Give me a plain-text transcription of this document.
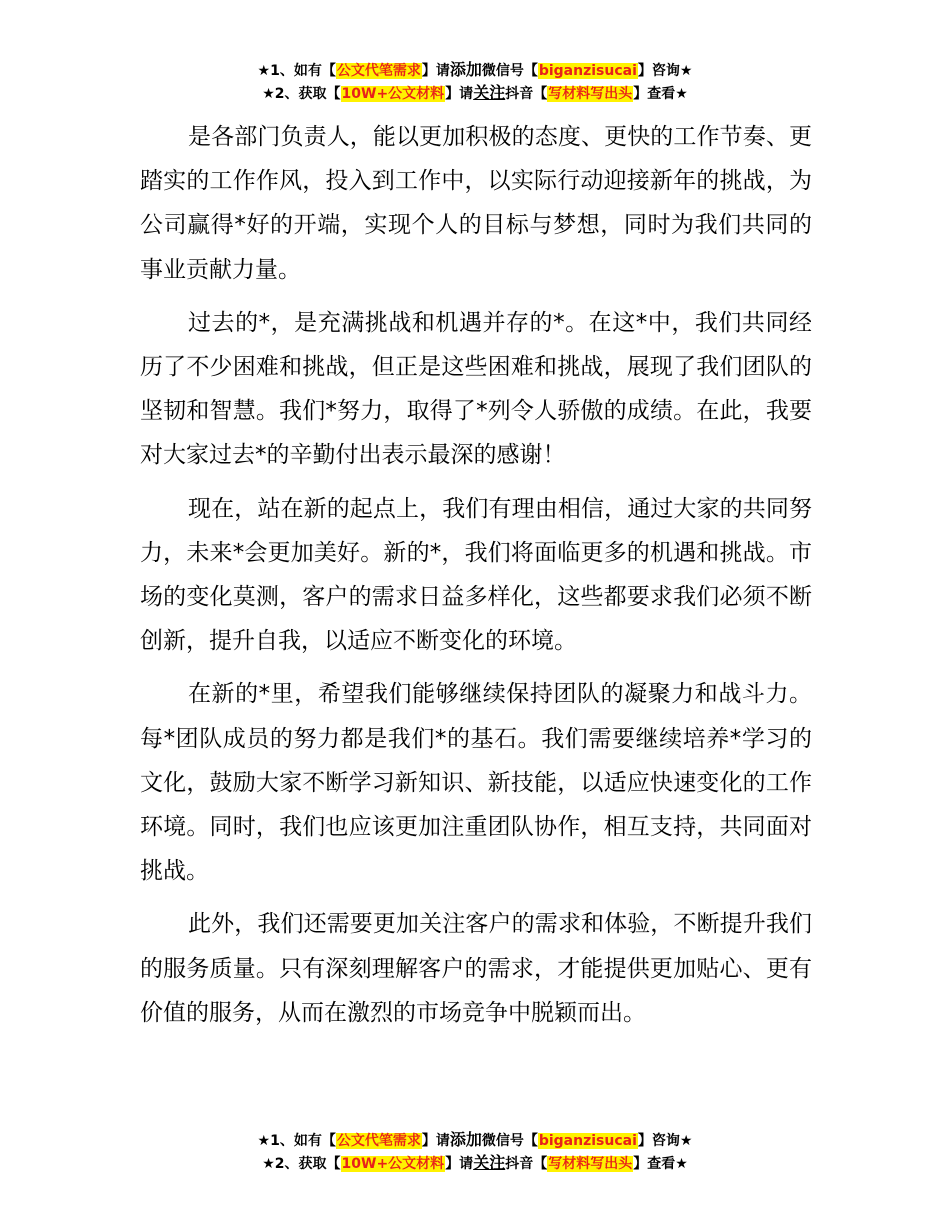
★1、如有【公文代笔需求】请添加微信号【biganzisucai】咨询★
★2、获取【10W+公文材料】请关注抖音【写材料写出头】查看★

是各部门负责人，能以更加积极的态度、更快的工作节奏、更踏实的工作作风，投入到工作中，以实际行动迎接新年的挑战，为公司赢得*好的开端，实现个人的目标与梦想，同时为我们共同的事业贡献力量。

过去的*，是充满挑战和机遇并存的*。在这*中，我们共同经历了不少困难和挑战，但正是这些困难和挑战，展现了我们团队的坚韧和智慧。我们*努力，取得了*列令人骄傲的成绩。在此，我要对大家过去*的辛勤付出表示最深的感谢！

现在，站在新的起点上，我们有理由相信，通过大家的共同努力，未来*会更加美好。新的*，我们将面临更多的机遇和挑战。市场的变化莫测，客户的需求日益多样化，这些都要求我们必须不断创新，提升自我，以适应不断变化的环境。

在新的*里，希望我们能够继续保持团队的凝聚力和战斗力。每*团队成员的努力都是我们*的基石。我们需要继续培养*学习的文化，鼓励大家不断学习新知识、新技能，以适应快速变化的工作环境。同时，我们也应该更加注重团队协作，相互支持，共同面对挑战。

此外，我们还需要更加关注客户的需求和体验，不断提升我们的服务质量。只有深刻理解客户的需求，才能提供更加贴心、更有价值的服务，从而在激烈的市场竞争中脱颖而出。

★1、如有【公文代笔需求】请添加微信号【biganzisucai】咨询★
★2、获取【10W+公文材料】请关注抖音【写材料写出头】查看★
